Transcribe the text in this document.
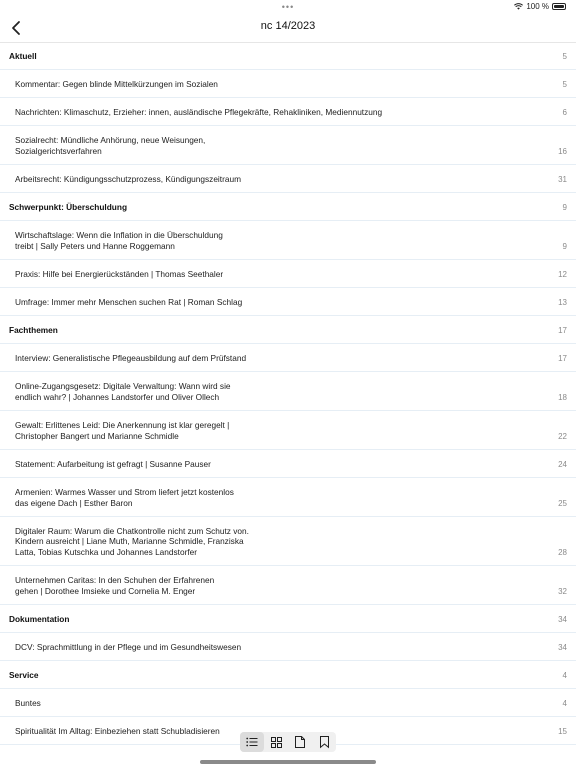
•••	100 %
nc 14/2023
Aktuell	5
Kommentar: Gegen blinde Mittelkürzungen im Sozialen	5
Nachrichten: Klimaschutz, Erzieher: innen, ausländische Pflegekräfte, Rehakliniken, Mediennutzung	6
Sozialrecht: Mündliche Anhörung, neue Weisungen, Sozialgerichtsverfahren	16
Arbeitsrecht: Kündigungsschutzprozess, Kündigungszeitraum	31
Schwerpunkt: Überschuldung	9
Wirtschaftslage: Wenn die Inflation in die Überschuldung treibt | Sally Peters und Hanne Roggemann	9
Praxis: Hilfe bei Energierückständen | Thomas Seethaler	12
Umfrage: Immer mehr Menschen suchen Rat | Roman Schlag	13
Fachthemen	17
Interview: Generalistische Pflegeausbildung auf dem Prüfstand	17
Online-Zugangsgesetz: Digitale Verwaltung: Wann wird sie endlich wahr? | Johannes Landstorfer und Oliver Ollech	18
Gewalt: Erlittenes Leid: Die Anerkennung ist klar geregelt | Christopher Bangert und Marianne Schmidle	22
Statement: Aufarbeitung ist gefragt | Susanne Pauser	24
Armenien: Warmes Wasser und Strom liefert jetzt kostenlos das eigene Dach | Esther Baron	25
Digitaler Raum: Warum die Chatkontrolle nicht zum Schutz von. Kindern ausreicht | Liane Muth, Marianne Schmidle, Franziska Latta, Tobias Kutschka und Johannes Landstorfer	28
Unternehmen Caritas: In den Schuhen der Erfahrenen gehen | Dorothee Imsieke und Cornelia M. Enger	32
Dokumentation	34
DCV: Sprachmittlung in der Pflege und im Gesundheitswesen	34
Service	4
Buntes	4
Spiritualität Im Alltag: Einbeziehen statt Schubladisieren	15
